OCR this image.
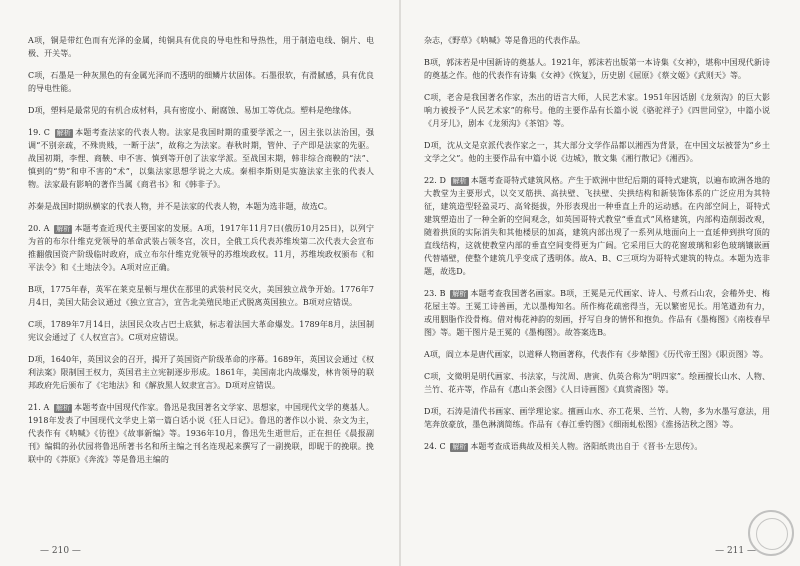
A项，铜是带红色而有光泽的金属，纯铜具有优良的导电性和导热性，用于制造电线、铜片、电极、开关等。

C项，石墨是一种灰黑色的有金属光泽而不透明的细鳞片状固体。石墨很软，有滑腻感，具有优良的导电性能。

D项，塑料是最常见的有机合成材料，具有密度小、耐腐蚀、易加工等优点。塑料是绝缘体。

19. C 解析 本题考查法家的代表人物。法家是我国时期的重要学派之一，因主张以法治国，强调“不别亲疏，不殊贵贱，一断于法”，故称之为法家。春秋时期，管仲、子产即是法家的先驱。战国初期，李悝、商鞅、申不害、慎到等开创了法家学派。至战国末期，韩非综合商鞅的“法”、慎到的“势”和申不害的“术”，以集法家思想学说之大成。秦相李斯则是实施法家主张的代表人物。法家最有影响的著作当属《商君书》和《韩非子》。

苏秦是战国时期纵横家的代表人物，并不是法家的代表人物，本题为选非题，故选C。

20. A 解析 本题考查近现代主要国家的发展。A项，1917年11月7日(俄历10月25日)，以列宁为首的布尔什维克党领导的革命武装占领冬宫，次日，全俄工兵代表苏维埃第二次代表大会宣布推翻俄国资产阶级临时政府，成立布尔什维克党领导的苏维埃政权。11月，苏维埃政权颁布《和平法令》和《土地法令》。A项对应正确。

B项，1775年春，英军在莱克星顿与埋伏在那里的武装村民交火，美国独立战争开始。1776年7月4日，美国大陆会议通过《独立宣言》，宣告北美殖民地正式脱离英国独立。B项对应错误。

C项，1789年7月14日，法国民众攻占巴士底狱，标志着法国大革命爆发。1789年8月，法国制宪议会通过了《人权宣言》。C项对应错误。

D项，1640年，英国议会的召开，揭开了英国资产阶级革命的序幕。1689年，英国议会通过《权利法案》限制国王权力，英国君主立宪制逐步形成。1861年，美国南北内战爆发，林肯领导的联邦政府先后颁布了《宅地法》和《解放黑人奴隶宣言》。D项对应错误。

21. A 解析 本题考查中国现代作家。鲁迅是我国著名文学家、思想家，中国现代文学的奠基人。1918年发表了中国现代文学史上第一篇白话小说《狂人日记》。鲁迅的著作以小说、杂文为主，代表作有《呐喊》《彷徨》《故事新编》等。1936年10月，鲁迅先生逝世后，正在担任《晨报副刊》编辑的孙伏园将鲁迅所著书名和所主编之刊名连现起来撰写了一副挽联，即昵于的挽联。挽联中的《莽原》《奔流》等是鲁迅主编的

— 210 —

杂志，《野草》《呐喊》等是鲁迅的代表作品。

B项，郭沫若是中国新诗的奠基人。1921年，郭沫若出版第一本诗集《女神》，堪称中国现代新诗的奠基之作。他的代表作有诗集《女神》《恢复》，历史剧《屈原》《蔡文姬》《武则天》等。

C项，老舍是我国著名作家，杰出的语言大师，人民艺术家。1951年因话剧《龙须沟》的巨大影响力被授予“人民艺术家”的称号。他的主要作品有长篇小说《骆驼祥子》《四世同堂》，中篇小说《月牙儿》，剧本《龙须沟》《茶馆》等。

D项，沈从文是京派代表作家之一，其大部分文学作品都以湘西为背景，在中国文坛被誉为“乡土文学之父”。他的主要作品有中篇小说《边城》，散文集《湘行散记》《湘西》。

22. D 解析 本题考查哥特式建筑风格。产生于欧洲中世纪后期的哥特式建筑，以遍布欧洲各地的大教堂为主要形式，以交叉筋拱、高扶壁、飞扶壁、尖拱结构和新装饰体系的广泛应用为其特征，建筑造型轻盈灵巧、高耸挺拔，外形表现出一种垂直上升的运动感。在内部空间上，哥特式建筑塑造出了一种全新的空间观念，如英国哥特式教堂“垂直式”风格建筑，内部构造削弱改观，随着拱顶的实际消失和其他楼层的加高，建筑内部出现了一系列从地面向上一直延伸到拱穹顶的直线结构，这就使教堂内部的垂直空间变得更为广阔。它采用巨大的花窗玻璃和彩色玻璃镶嵌画代替墙壁，使整个建筑几乎变成了透明体。故A、B、C三项均为哥特式建筑的特点。本题为选非题，故选D。

23. B 解析 本题考查我国著名画家。B项，王冕是元代画家、诗人、号煮石山农，会稽外史、梅花屋主等。王冕工诗善画，尤以墨梅知名。所作梅花疏密得当，无以繁密见长。用笔遒劲有力，或用胭脂作没骨梅。借对梅花神韵的刻画，抒写自身的情怀和抱负。作品有《墨梅图》《南枝春早图》等。题干图片是王冕的《墨梅图》。故答案选B。

A项，阎立本是唐代画家，以道释人物画著称，代表作有《步辇图》《历代帝王图》《职贡图》等。

C项，文徵明是明代画家、书法家，与沈周、唐寅、仇英合称为“明四家”。绘画擅长山水、人物、兰竹、花卉等，作品有《惠山茶会图》《人日诗画图》《真赏斋图》等。

D项，石涛是清代书画家、画学理论家。擅画山水、亦工花果、兰竹、人物，多为水墨写意法，用笔奔放豪放，墨色淋漓简练。作品有《春江垂钓图》《细雨虬松图》《淮扬洁秋之图》等。

24. C 解析 本题考查成语典故及相关人物。洛阳纸贵出自于《晋书·左思传》。

— 211 —
